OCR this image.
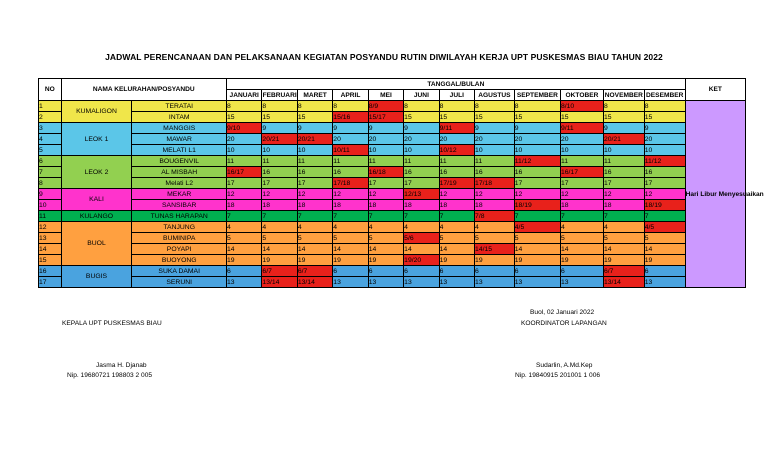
JADWAL PERENCANAAN DAN PELAKSANAAN KEGIATAN POSYANDU RUTIN DIWILAYAH KERJA UPT PUSKESMAS BIAU TAHUN 2022
NO	NAMA KELURAHAN/POSYANDU		TANGGAL/BULAN												KET
			JANUARI	FEBRUARI	MARET	APRIL	MEI	JUNI	JULI	AGUSTUS	SEPTEMBER	OKTOBER	NOVEMBER	DESEMBER	
1	KUMALIGON	TERATAI	8	8	8	8	8/9	8	8	8	8	8/10	8	8	Hari Libur Menyesuaikan
2		INTAM	15	15	15	15/16	15/17	15	15	15	15	15	15	15	
3	LEOK 1	MANGGIS	9/10	9	9	9	9	9	9/11	9	9	9/11	9	9	
4		MAWAR	20	20/21	20/21	20	20	20	20	20	20	20	20/21	20	
5		MELATI L1	10	10	10	10/11	10	10	10/12	10	10	10	10	10	
6	LEOK 2	BOUGENVIL	11	11	11	11	11	11	11	11	11/12	11	11	11/12	
7		AL MISBAH	16/17	16	16	16	16/18	16	16	16	16	16/17	16	16	
8		Melati L2	17	17	17	17/18	17	17	17/19	17/18	17	17	17	17	
9	KALI	MEKAR	12	12	12	12	12	12/13	12	12	12	12	12	12	
10		SANSIBAR	18	18	18	18	18	18	18	18	18/19	18	18	18/19	
11	KULANGO	TUNAS HARAPAN	7	7	7	7	7	7	7	7/8	7	7	7	7	
12	BUOL	TANJUNG	4	4	4	4	4	4	4	4	4/5	4	4	4/5	
13		BUMINIPA	5	5	5	5	5	5/6	5	5	5	5	5	5	
14		POYAPI	14	14	14	14	14	14	14	14/15	14	14	14	14	
15		BUOYONG	19	19	19	19	19	19/20	19	19	19	19	19	19	
16	BUGIS	SUKA DAMAI	6	6/7	6/7	6	6	6	6	6	6	6	6/7	6	
17		SERUNI	13	13/14	13/14	13	13	13	13	13	13	13	13/14	13	
KEPALA UPT PUSKESMAS BIAU
Jasma H. Djanab
Nip. 19680721 198803 2 005
Buol, 02 Januari 2022
KOORDINATOR LAPANGAN
Sudarlin, A.Md.Kep
Nip. 19840915 201001 1 006
